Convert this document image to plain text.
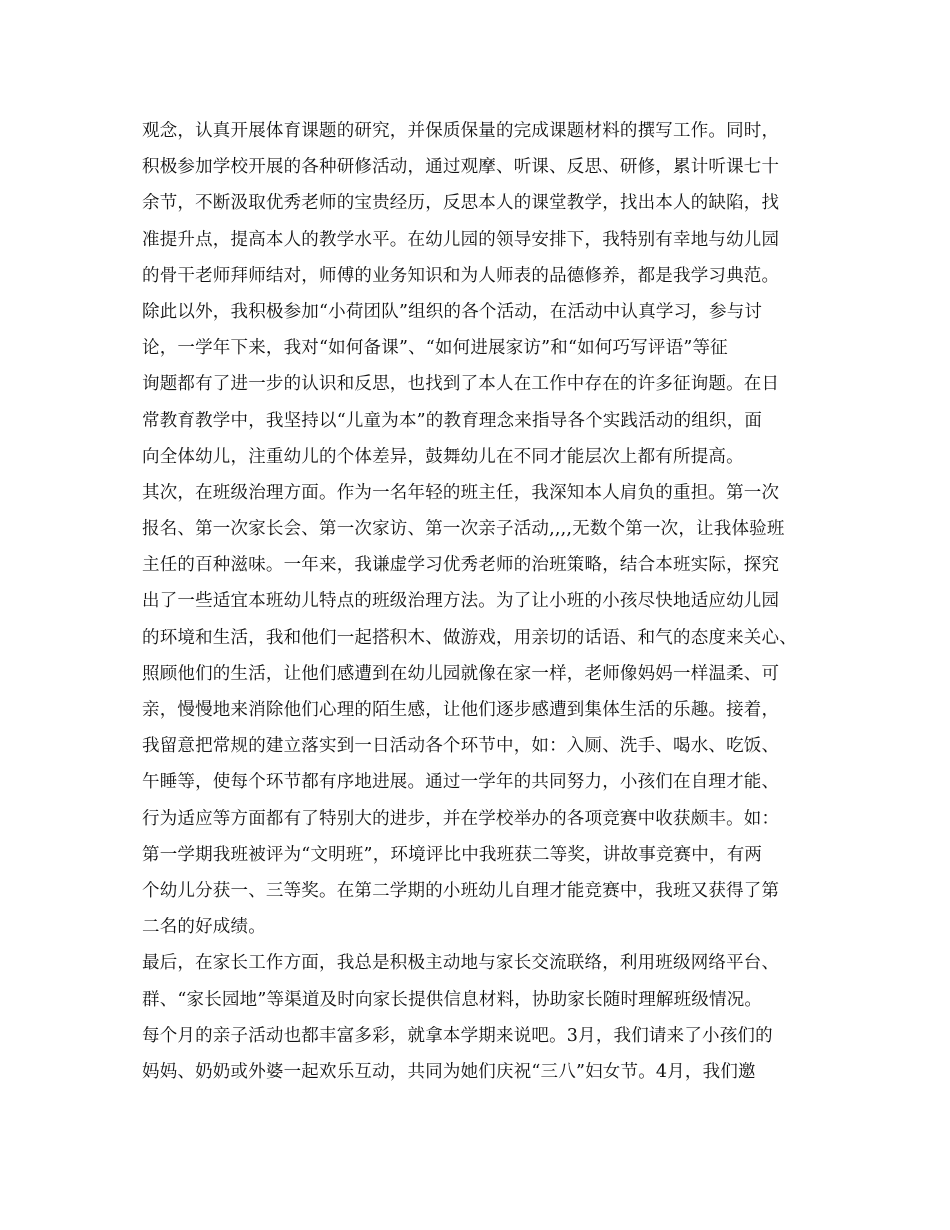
观念，认真开展体育课题的研究，并保质保量的完成课题材料的撰写工作。同时，
积极参加学校开展的各种研修活动，通过观摩、听课、反思、研修，累计听课七十
余节，不断汲取优秀老师的宝贵经历，反思本人的课堂教学，找出本人的缺陷，找
准提升点，提高本人的教学水平。在幼儿园的领导安排下，我特别有幸地与幼儿园
的骨干老师拜师结对，师傅的业务知识和为人师表的品德修养，都是我学习典范。
除此以外，我积极参加“小荷团队”组织的各个活动，在活动中认真学习，参与讨
论，一学年下来，我对“如何备课”、“如何进展家访”和“如何巧写评语”等征
询题都有了进一步的认识和反思，也找到了本人在工作中存在的许多征询题。在日
常教育教学中，我坚持以“儿童为本”的教育理念来指导各个实践活动的组织，面
向全体幼儿，注重幼儿的个体差异，鼓舞幼儿在不同才能层次上都有所提高。
其次，在班级治理方面。作为一名年轻的班主任，我深知本人肩负的重担。第一次
报名、第一次家长会、第一次家访、第一次亲子活动,,,,无数个第一次，让我体验班
主任的百种滋味。一年来，我谦虚学习优秀老师的治班策略，结合本班实际，探究
出了一些适宜本班幼儿特点的班级治理方法。为了让小班的小孩尽快地适应幼儿园
的环境和生活，我和他们一起搭积木、做游戏，用亲切的话语、和气的态度来关心、
照顾他们的生活，让他们感遭到在幼儿园就像在家一样，老师像妈妈一样温柔、可
亲，慢慢地来消除他们心理的陌生感，让他们逐步感遭到集体生活的乐趣。接着，
我留意把常规的建立落实到一日活动各个环节中，如：入厕、洗手、喝水、吃饭、
午睡等，使每个环节都有序地进展。通过一学年的共同努力，小孩们在自理才能、
行为适应等方面都有了特别大的进步，并在学校举办的各项竞赛中收获颇丰。如：
第一学期我班被评为“文明班”，环境评比中我班获二等奖，讲故事竞赛中，有两
个幼儿分获一、三等奖。在第二学期的小班幼儿自理才能竞赛中，我班又获得了第
二名的好成绩。
最后，在家长工作方面，我总是积极主动地与家长交流联络，利用班级网络平台、
群、“家长园地”等渠道及时向家长提供信息材料，协助家长随时理解班级情况。
每个月的亲子活动也都丰富多彩，就拿本学期来说吧。3月，我们请来了小孩们的
妈妈、奶奶或外婆一起欢乐互动，共同为她们庆祝“三八”妇女节。4月，我们邀
